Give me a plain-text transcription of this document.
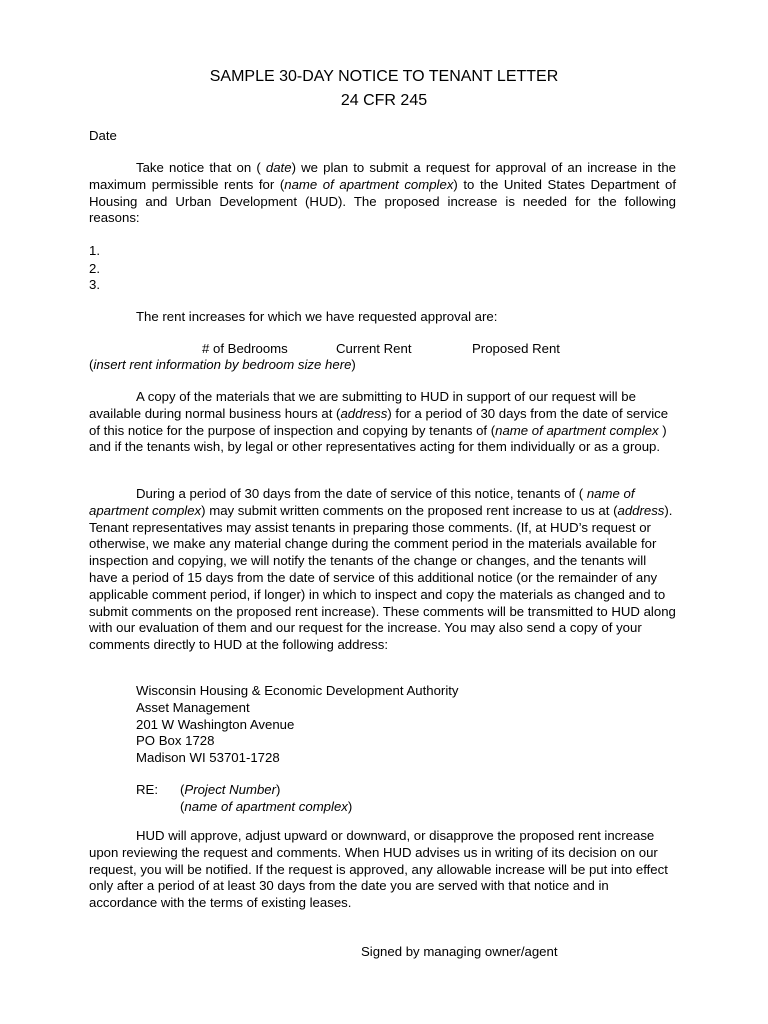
SAMPLE 30-DAY NOTICE TO TENANT LETTER
24 CFR 245
Date
Take notice that on ( date) we plan to submit a request for approval of an increase in the maximum permissible rents for (name of apartment complex) to the United States Department of Housing and Urban Development (HUD). The proposed increase is needed for the following reasons:
1.
2.
3.
The rent increases for which we have requested approval are:
# of Bedrooms	Current Rent	Proposed Rent
(insert rent information by bedroom size here)
A copy of the materials that we are submitting to HUD in support of our request will be available during normal business hours at (address) for a period of 30 days from the date of service of this notice for the purpose of inspection and copying by tenants of (name of apartment complex ) and if the tenants wish, by legal or other representatives acting for them individually or as a group.
During a period of 30 days from the date of service of this notice, tenants of ( name of apartment complex) may submit written comments on the proposed rent increase to us at (address). Tenant representatives may assist tenants in preparing those comments. (If, at HUD’s request or otherwise, we make any material change during the comment period in the materials available for inspection and copying, we will notify the tenants of the change or changes, and the tenants will have a period of 15 days from the date of service of this additional notice (or the remainder of any applicable comment period, if longer) in which to inspect and copy the materials as changed and to submit comments on the proposed rent increase). These comments will be transmitted to HUD along with our evaluation of them and our request for the increase. You may also send a copy of your comments directly to HUD at the following address:
Wisconsin Housing & Economic Development Authority
Asset Management
201 W Washington Avenue
PO Box 1728
Madison WI 53701-1728
RE: (Project Number)
(name of apartment complex)
HUD will approve, adjust upward or downward, or disapprove the proposed rent increase upon reviewing the request and comments. When HUD advises us in writing of its decision on our request, you will be notified. If the request is approved, any allowable increase will be put into effect only after a period of at least 30 days from the date you are served with that notice and in accordance with the terms of existing leases.
Signed by managing owner/agent
